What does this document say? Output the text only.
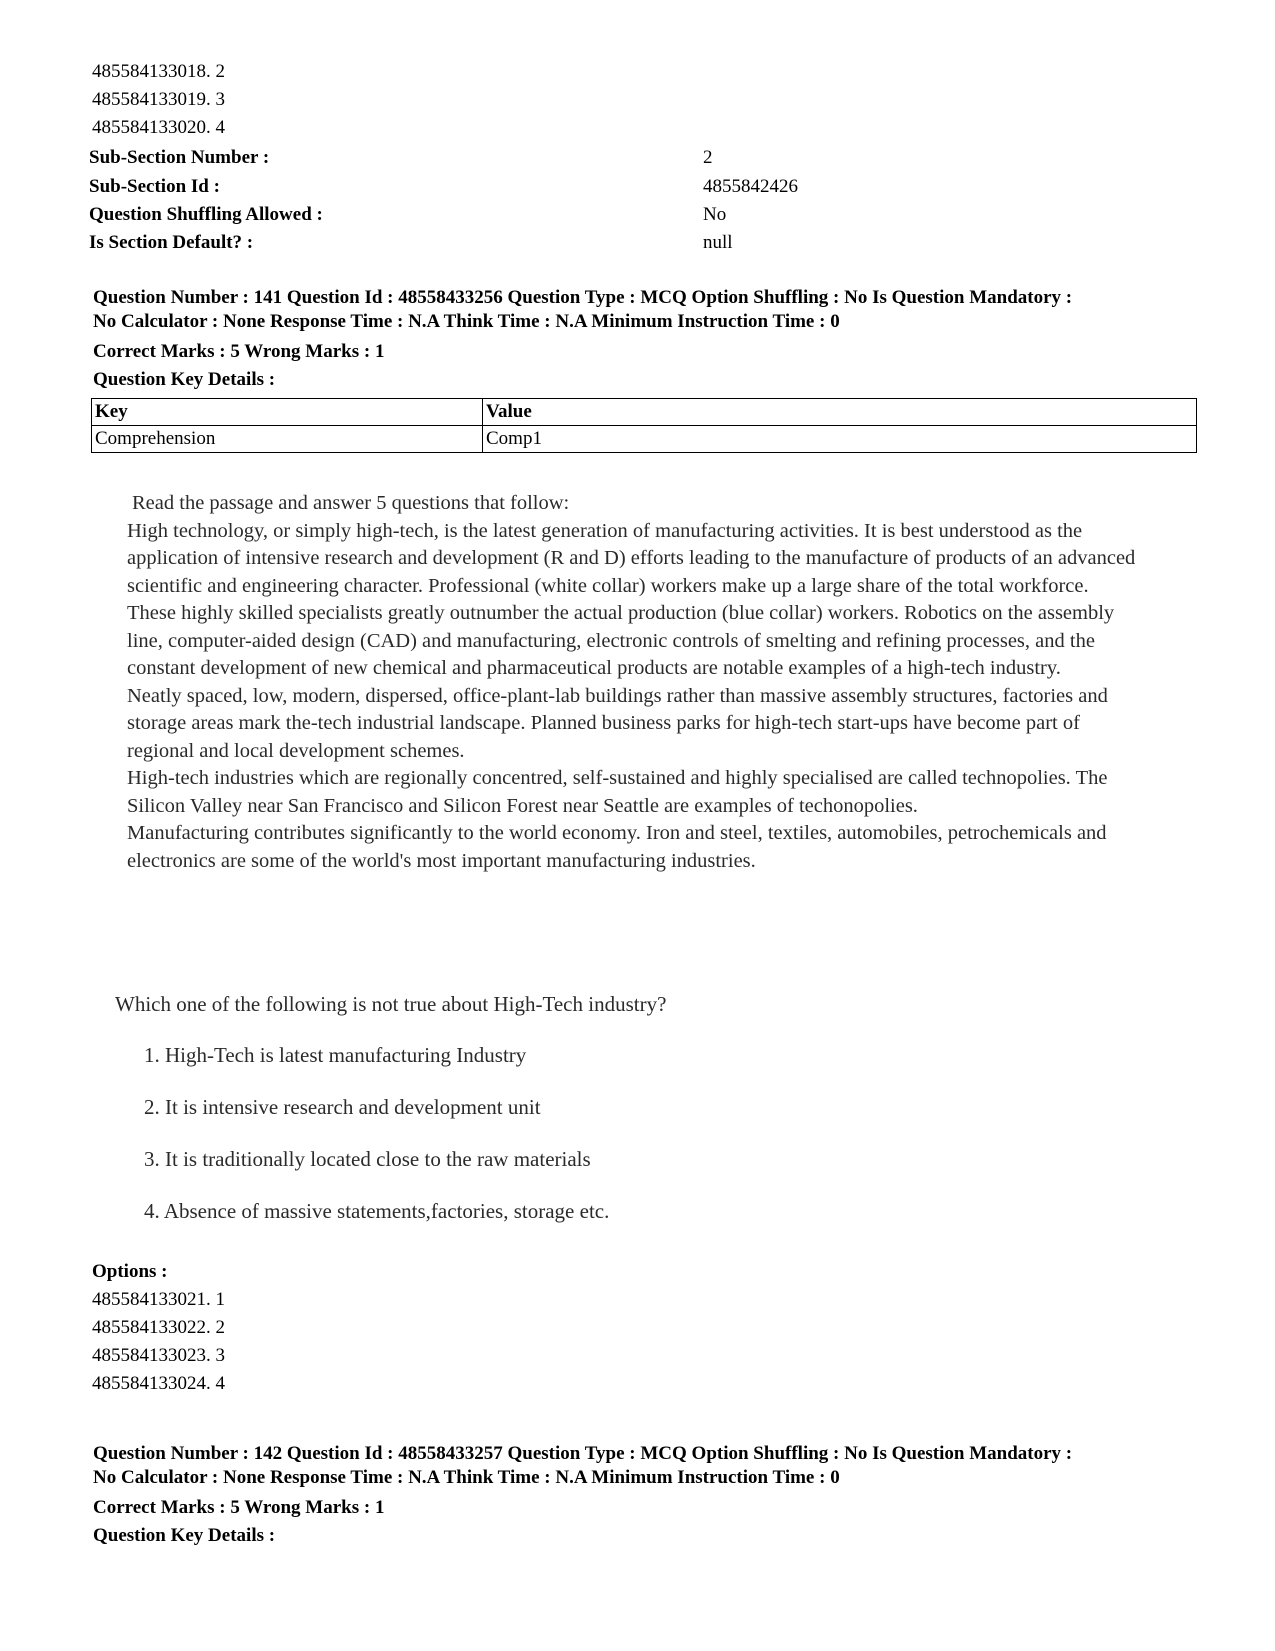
485584133018. 2
485584133019. 3
485584133020. 4
Sub-Section Number :	2
Sub-Section Id :	4855842426
Question Shuffling Allowed :	No
Is Section Default? :	null
Question Number : 141 Question Id : 48558433256 Question Type : MCQ Option Shuffling : No Is Question Mandatory :
No Calculator : None Response Time : N.A Think Time : N.A Minimum Instruction Time : 0
Correct Marks : 5 Wrong Marks : 1
Question Key Details :
Key	Value
Comprehension	Comp1

Read the passage and answer 5 questions that follow:

High technology, or simply high-tech, is the latest generation of manufacturing activities. It is best understood as the application of intensive research and development (R and D) efforts leading to the manufacture of products of an advanced scientific and engineering character. Professional (white collar) workers make up a large share of the total workforce. These highly skilled specialists greatly outnumber the actual production (blue collar) workers. Robotics on the assembly line, computer-aided design (CAD) and manufacturing, electronic controls of smelting and refining processes, and the constant development of new chemical and pharmaceutical products are notable examples of a high-tech industry.

Neatly spaced, low, modern, dispersed, office-plant-lab buildings rather than massive assembly structures, factories and storage areas mark the-tech industrial landscape. Planned business parks for high-tech start-ups have become part of regional and local development schemes.

High-tech industries which are regionally concentred, self-sustained and highly specialised are called technopolies. The Silicon Valley near San Francisco and Silicon Forest near Seattle are examples of techonopolies.

Manufacturing contributes significantly to the world economy. Iron and steel, textiles, automobiles, petrochemicals and electronics are some of the world's most important manufacturing industries.

Which one of the following is not true about High-Tech industry?
1. High-Tech is latest manufacturing Industry
2. It is intensive research and development unit
3. It is traditionally located close to the raw materials
4. Absence of massive statements,factories, storage etc.
Options :
485584133021. 1
485584133022. 2
485584133023. 3
485584133024. 4
Question Number : 142 Question Id : 48558433257 Question Type : MCQ Option Shuffling : No Is Question Mandatory :
No Calculator : None Response Time : N.A Think Time : N.A Minimum Instruction Time : 0
Correct Marks : 5 Wrong Marks : 1
Question Key Details :
